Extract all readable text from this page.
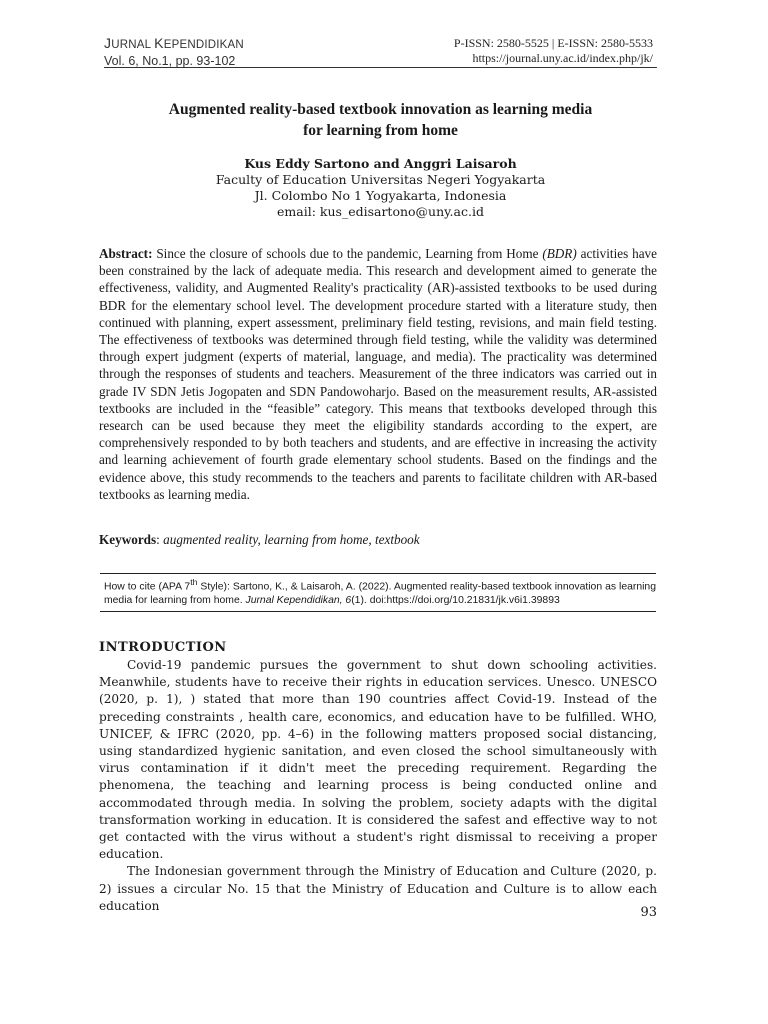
JURNAL KEPENDIDIKAN
Vol. 6, No.1, pp. 93-102
P-ISSN: 2580-5525 | E-ISSN: 2580-5533
https://journal.uny.ac.id/index.php/jk/
Augmented reality-based textbook innovation as learning media
for learning from home
Kus Eddy Sartono and Anggri Laisaroh
Faculty of Education Universitas Negeri Yogyakarta
Jl. Colombo No 1 Yogyakarta, Indonesia
email: kus_edisartono@uny.ac.id

Abstract: Since the closure of schools due to the pandemic, Learning from Home (BDR) activities have been constrained by the lack of adequate media. This research and development aimed to generate the effectiveness, validity, and Augmented Reality's practicality (AR)-assisted textbooks to be used during BDR for the elementary school level. The development procedure started with a literature study, then continued with planning, expert assessment, preliminary field testing, revisions, and main field testing. The effectiveness of textbooks was determined through field testing, while the validity was determined through expert judgment (experts of material, language, and media). The practicality was determined through the responses of students and teachers. Measurement of the three indicators was carried out in grade IV SDN Jetis Jogopaten and SDN Pandowoharjo. Based on the measurement results, AR-assisted textbooks are included in the “feasible” category. This means that textbooks developed through this research can be used because they meet the eligibility standards according to the expert, are comprehensively responded to by both teachers and students, and are effective in increasing the activity and learning achievement of fourth grade elementary school students. Based on the findings and the evidence above, this study recommends to the teachers and parents to facilitate children with AR-based textbooks as learning media.

Keywords: augmented reality, learning from home, textbook
How to cite (APA 7th Style): Sartono, K., & Laisaroh, A. (2022). Augmented reality-based textbook innovation as learning media for learning from home. Jurnal Kependidikan, 6(1). doi:https://doi.org/10.21831/jk.v6i1.39893
INTRODUCTION

Covid-19 pandemic pursues the government to shut down schooling activities. Meanwhile, students have to receive their rights in education services. Unesco. UNESCO (2020, p. 1), ) stated that more than 190 countries affect Covid-19. Instead of the preceding constraints , health care, economics, and education have to be fulfilled. WHO, UNICEF, & IFRC (2020, pp. 4–6) in the following matters proposed social distancing, using standardized hygienic sanitation, and even closed the school simultaneously with virus contamination if it didn't meet the preceding requirement. Regarding the phenomena, the teaching and learning process is being conducted online and accommodated through media. In solving the problem, society adapts with the digital transformation working in education. It is considered the safest and effective way to not get contacted with the virus without a student's right dismissal to receiving a proper education.

The Indonesian government through the Ministry of Education and Culture (2020, p. 2) issues a circular No. 15 that the Ministry of Education and Culture is to allow each education	93
